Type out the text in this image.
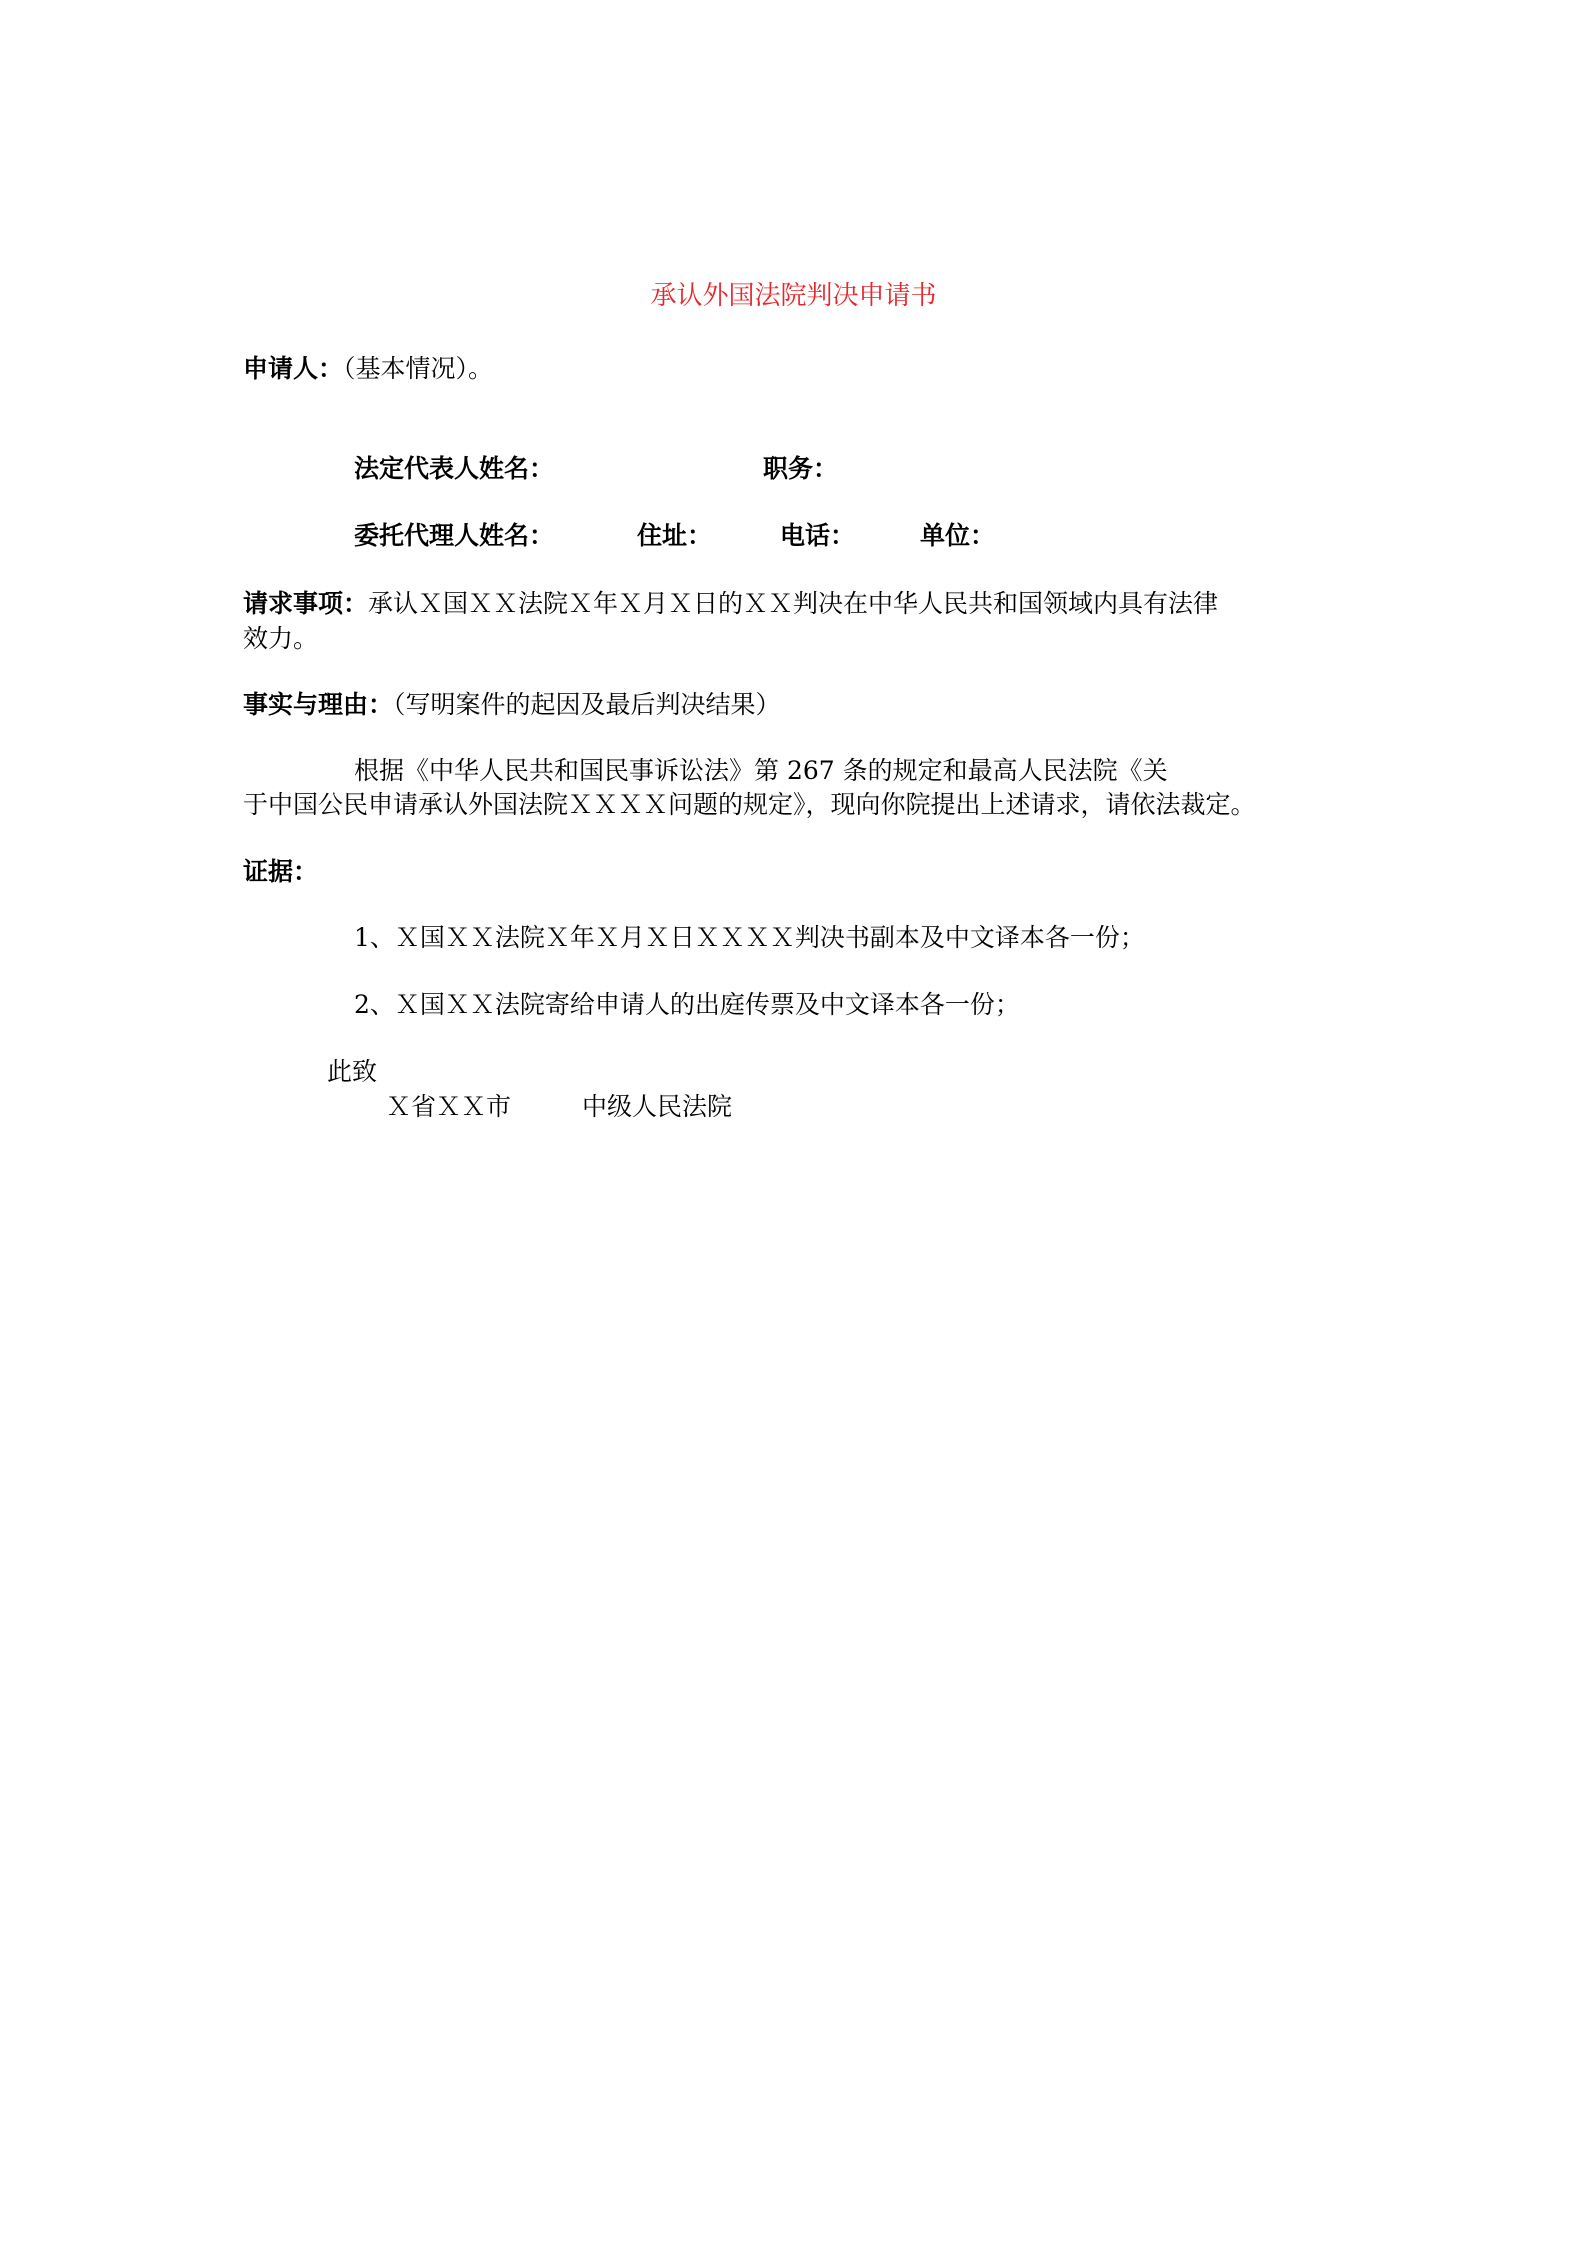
承认外国法院判决申请书
申请人：（基本情况）。
法定代表人姓名：	职务：
委托代理人姓名：	住址：	电话：	单位：
请求事项：承认Ｘ国ＸＸ法院Ｘ年Ｘ月Ｘ日的ＸＸ判决在中华人民共和国领域内具有法律
效力。
事实与理由：（写明案件的起因及最后判决结果）
根据《中华人民共和国民事诉讼法》第 267 条的规定和最高人民法院《关
于中国公民申请承认外国法院ＸＸＸＸ问题的规定》，现向你院提出上述请求，请依法裁定。
证据：
1、Ｘ国ＸＸ法院Ｘ年Ｘ月Ｘ日ＸＸＸＸ判决书副本及中文译本各一份；
2、Ｘ国ＸＸ法院寄给申请人的出庭传票及中文译本各一份；
此致
Ｘ省ＸＸ市	中级人民法院
